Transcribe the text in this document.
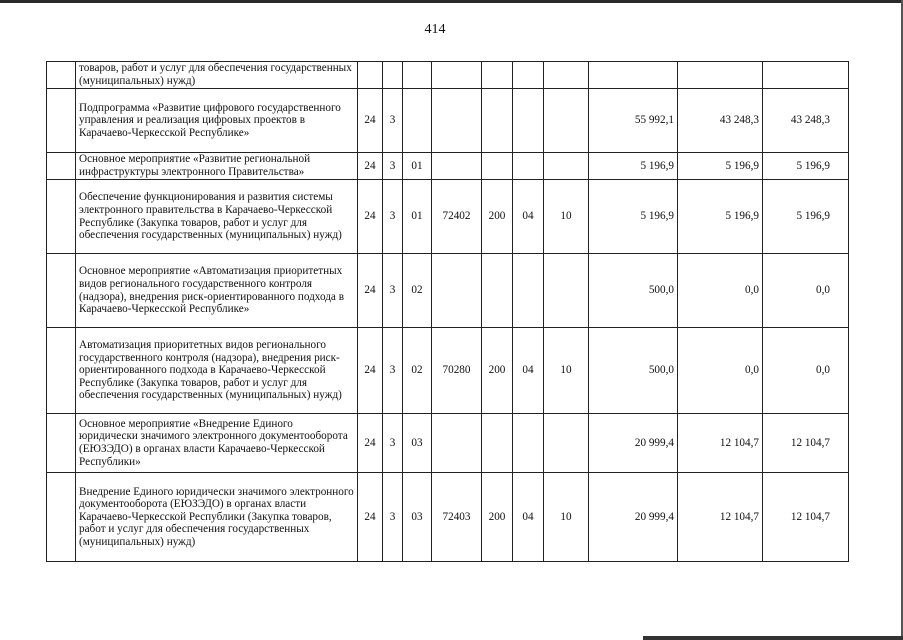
414
	товаров, работ и услуг для обеспечения государственных (муниципальных) нужд)										
	Подпрограмма «Развитие цифрового государственного управления и реализация цифровых проектов в Карачаево-Черкесской Республике»	24	3						55 992,1	43 248,3	43 248,3
	Основное мероприятие «Развитие региональной инфраструктуры электронного Правительства»	24	3	01					5 196,9	5 196,9	5 196,9
	Обеспечение функционирования и развития системы электронного правительства в Карачаево-Черкесской Республике (Закупка товаров, работ и услуг для обеспечения государственных (муниципальных) нужд)	24	3	01	72402	200	04	10	5 196,9	5 196,9	5 196,9
	Основное мероприятие «Автоматизация приоритетных видов регионального государственного контроля (надзора), внедрения риск-ориентированного подхода в Карачаево-Черкесской Республике»	24	3	02					500,0	0,0	0,0
	Автоматизация приоритетных видов регионального государственного контроля (надзора), внедрения риск-ориентированного подхода в Карачаево-Черкесской Республике (Закупка товаров, работ и услуг для обеспечения государственных (муниципальных) нужд)	24	3	02	70280	200	04	10	500,0	0,0	0,0
	Основное мероприятие «Внедрение Единого юридически значимого электронного документооборота (ЕЮЗЭДО) в органах власти Карачаево-Черкесской Республики»	24	3	03					20 999,4	12 104,7	12 104,7
	Внедрение Единого юридически значимого электронного документооборота (ЕЮЗЭДО) в органах власти Карачаево-Черкесской Республики (Закупка товаров, работ и услуг для обеспечения государственных (муниципальных) нужд)	24	3	03	72403	200	04	10	20 999,4	12 104,7	12 104,7
